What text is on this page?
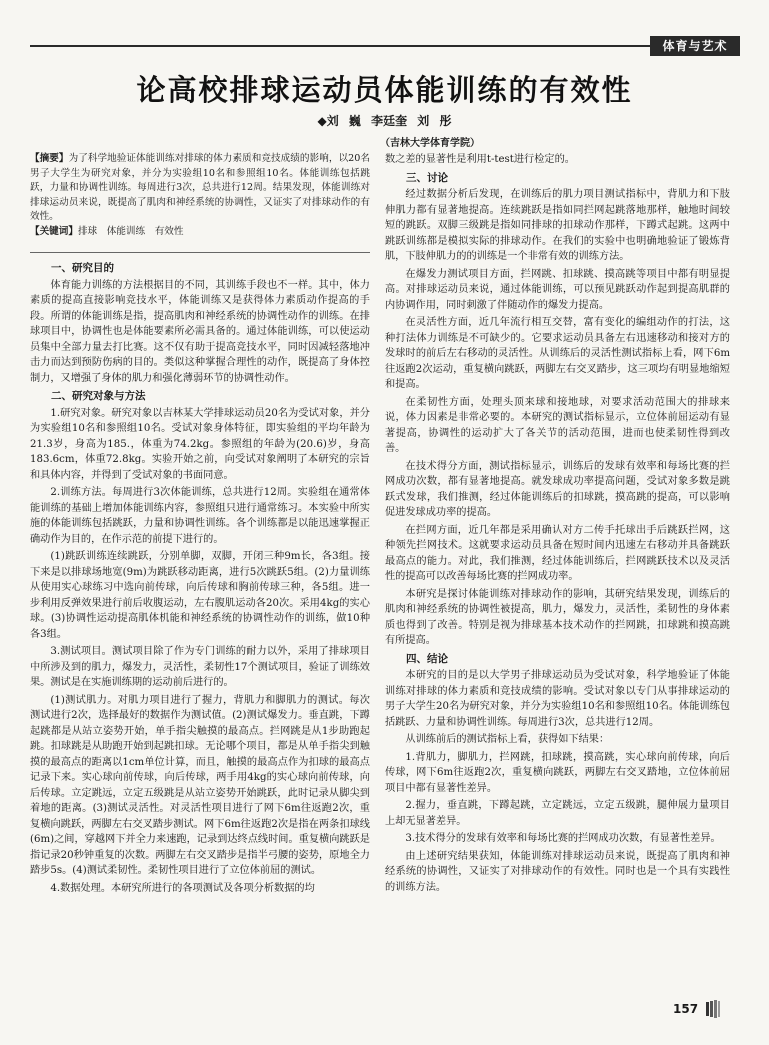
体育与艺术
论高校排球运动员体能训练的有效性
◆刘 巍 李廷奎 刘 彤
（吉林大学体育学院）
【摘要】为了科学地验证体能训练对排球的体力素质和竞技成绩的影响，以20名男子大学生为研究对象，并分为实验组10名和参照组10名。体能训练包括跳跃，力量和协调性训练。每周进行3次，总共进行12周。结果发现，体能训练对排球运动员来说，既提高了肌肉和神经系统的协调性，又证实了对排球动作的有效性。
【关键词】排球　体能训练　有效性
一、研究目的

体育能力训练的方法根据目的不同，其训练手段也不一样。其中，体力素质的提高直接影响竞技水平，体能训练又是获得体力素质动作提高的手段。所谓的体能训练是指，提高肌肉和神经系统的协调性动作的训练。在排球项目中，协调性也是体能要素所必需具备的。通过体能训练，可以使运动员集中全部力量去打比赛。这不仅有助于提高竞技水平，同时因减轻落地冲击力而达到预防伤病的目的。类似这种掌握合理性的动作，既提高了身体控制力，又增强了身体的肌力和强化薄弱环节的协调性动作。

二、研究对象与方法

1.研究对象。研究对象以吉林某大学排球运动员20名为受试对象，并分为实验组10名和参照组10名。受试对象身体特征，即实验组的平均年龄为21.3岁，身高为185.，体重为74.2kg。参照组的年龄为(20.6)岁，身高183.6cm，体重72.8kg。实验开始之前，向受试对象阐明了本研究的宗旨和具体内容，并得到了受试对象的书面同意。

2.训练方法。每周进行3次体能训练，总共进行12周。实验组在通常体能训练的基础上增加体能训练内容，参照组只进行通常练习。本实验中所实施的体能训练包括跳跃，力量和协调性训练。各个训练都是以能迅速掌握正确动作为目的，在作示范的前提下进行的。

(1)跳跃训练连续跳跃，分别单脚，双脚，开闭三种9m长，各3组。接下来是以排球场地宽(9m)为跳跃移动距离，进行5次跳跃5组。(2)力量训练从使用实心球练习中选向前传球，向后传球和胸前传球三种，各5组。进一步利用反弹效果进行前后收腹运动，左右腹肌运动各20次。采用4kg的实心球。(3)协调性运动提高肌体机能和神经系统的协调性动作的训练，做10种各3组。

3.测试项目。测试项目除了作为专门训练的耐力以外，采用了排球项目中所涉及到的肌力，爆发力，灵活性，柔韧性17个测试项目，验证了训练效果。测试是在实施训练期的运动前后进行的。

(1)测试肌力。对肌力项目进行了握力，背肌力和脚肌力的测试。每次测试进行2次，选择最好的数据作为测试值。(2)测试爆发力。垂直跳，下蹲起跳都是从站立姿势开始，单手指尖触摸的最高点。拦网跳是从1步助跑起跳。扣球跳是从助跑开始到起跳扣球。无论哪个项目，都是从单手指尖到触摸的最高点的距离以1cm单位计算，而且，触摸的最高点作为扣球的最高点记录下来。实心球向前传球，向后传球，两手用4kg的实心球向前传球，向后传球。立定跳远，立定五级跳是从站立姿势开始跳跃，此时记录从脚尖到着地的距离。(3)测试灵活性。对灵活性项目进行了网下6m往返跑2次，重复横向跳跃，两脚左右交叉踏步测试。网下6m往返跑2次是指在两条扣球线(6m)之间，穿越网下并全力来速跑，记录到达终点线时间。重复横向跳跃是指记录20秒钟重复的次数。两脚左右交叉踏步是指半弓腰的姿势，原地全力踏步5s。(4)测试柔韧性。柔韧性项目进行了立位体前屈的测试。

4.数据处理。本研究所进行的各项测试及各项分析数据的均

数之差的显著性是利用t-test进行检定的。

三、讨论

经过数据分析后发现，在训练后的肌力项目测试指标中，背肌力和下肢伸肌力都有显著地提高。连续跳跃是指如同拦网起跳落地那样，触地时间较短的跳跃。双脚三级跳是指如同排球的扣球动作那样，下蹲式起跳。这两中跳跃训练都是模拟实际的排球动作。在我们的实验中也明确地验证了锻炼背肌，下肢伸肌力的的训练是一个非常有效的训练方法。

在爆发力测试项目方面，拦网跳、扣球跳、摸高跳等项目中都有明显提高。对排球运动员来说，通过体能训练，可以预见跳跃动作起到提高肌群的内协调作用，同时刺激了伴随动作的爆发力提高。

在灵活性方面，近几年流行相互交替，富有变化的编组动作的打法，这种打法体力训练是不可缺少的。它要求运动员具备左右迅速移动和接对方的发球时的前后左右移动的灵活性。从训练后的灵活性测试指标上看，网下6m往返跑2次运动，重复横向跳跃，两脚左右交叉踏步，这三项均有明显地缩短和提高。

在柔韧性方面，处理头顶来球和接地球，对要求活动范围大的排球来说，体力因素是非常必要的。本研究的测试指标显示，立位体前屈运动有显著提高，协调性的运动扩大了各关节的活动范围，进而也使柔韧性得到改善。

在技术得分方面，测试指标显示，训练后的发球有效率和每场比赛的拦网成功次数，都有显著地提高。就发球成功率提高问题，受试对象多数是跳跃式发球，我们推测，经过体能训练后的扣球跳，摸高跳的提高，可以影响促进发球成功率的提高。

在拦网方面，近几年都是采用确认对方二传手托球出手后跳跃拦网，这种领先拦网技术。这就要求运动员具备在短时间内迅速左右移动并具备跳跃最高点的能力。对此，我们推测，经过体能训练后，拦网跳跃技术以及灵活性的提高可以改善每场比赛的拦网成功率。

本研究是探讨体能训练对排球动作的影响，其研究结果发现，训练后的肌肉和神经系统的协调性被提高，肌力，爆发力，灵活性，柔韧性的身体素质也得到了改善。特别是视为排球基本技术动作的拦网跳，扣球跳和摸高跳有所提高。

四、结论

本研究的目的是以大学男子排球运动员为受试对象，科学地验证了体能训练对排球的体力素质和竞技成绩的影响。受试对象以专门从事排球运动的男子大学生20名为研究对象，并分为实验组10名和参照组10名。体能训练包括跳跃、力量和协调性训练。每周进行3次，总共进行12周。

从训练前后的测试指标上看，获得如下结果：

1.背肌力，脚肌力，拦网跳，扣球跳，摸高跳，实心球向前传球，向后传球，网下6m往返跑2次，重复横向跳跃，两脚左右交叉踏地，立位体前屈项目中都有显著性差异。

2.握力，垂直跳，下蹲起跳，立定跳远，立定五级跳，腿伸展力量项目上却无显著差异。

3.技术得分的发球有效率和每场比赛的拦网成功次数，有显著性差异。

由上述研究结果获知，体能训练对排球运动员来说，既提高了肌肉和神经系统的协调性，又证实了对排球动作的有效性。同时也是一个具有实践性的训练方法。

157
